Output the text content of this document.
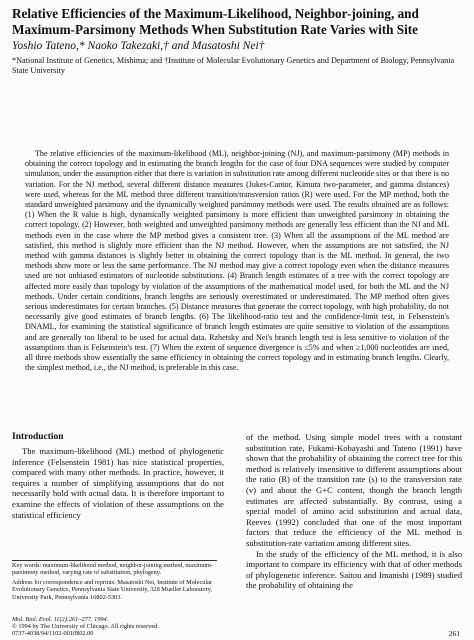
Relative Efficiencies of the Maximum-Likelihood, Neighbor-joining, and Maximum-Parsimony Methods When Substitution Rate Varies with Site
Yoshio Tateno,* Naoko Takezaki,† and Masatoshi Nei†
*National Institute of Genetics, Mishima; and †Institute of Molecular Evolutionary Genetics and Department of Biology, Pennsylvania State University
The relative efficiencies of the maximum-likelihood (ML), neighbor-joining (NJ), and maximum-parsimony (MP) methods in obtaining the correct topology and in estimating the branch lengths for the case of four DNA sequences were studied by computer simulation, under the assumption either that there is variation in substitution rate among different nucleotide sites or that there is no variation. For the NJ method, several different distance measures (Jukes-Cantor, Kimura two-parameter, and gamma distances) were used, whereas for the ML method three different transition/transversion ratios (R) were used. For the MP method, both the standard unweighted parsimony and the dynamically weighted parsimony methods were used. The results obtained are as follows: (1) When the R value is high, dynamically weighted parsimony is more efficient than unweighted parsimony in obtaining the correct topology. (2) However, both weighted and unweighted parsimony methods are generally less efficient than the NJ and ML methods even in the case where the MP method gives a consistent tree. (3) When all the assumptions of the ML method are satisfied, this method is slightly more efficient than the NJ method. However, when the assumptions are not satisfied, the NJ method with gamma distances is slightly better in obtaining the correct topology than is the ML method. In general, the two methods show more or less the same performance. The NJ method may give a correct topology even when the distance measures used are not unbiased estimators of nucleotide substitutions. (4) Branch length estimates of a tree with the correct topology are affected more easily than topology by violation of the assumptions of the mathematical model used, for both the ML and the NJ methods. Under certain conditions, branch lengths are seriously overestimated or underestimated. The MP method often gives serious underestimates for certain branches. (5) Distance measures that generate the correct topology, with high probability, do not necessarily give good estimates of branch lengths. (6) The likelihood-ratio test and the confidence-limit test, in Felsenstein's DNAML, for examining the statistical significance of branch length estimates are quite sensitive to violation of the assumptions and are generally too liberal to be used for actual data. Rzhetsky and Nei's branch length test is less sensitive to violation of the assumptions than is Felsenstein's test. (7) When the extent of sequence divergence is ≤5% and when ≥1,000 nucleotides are used, all three methods show essentially the same efficiency in obtaining the correct topology and in estimating branch lengths. Clearly, the simplest method, i.e., the NJ method, is preferable in this case.
Introduction

The maximum-likelihood (ML) method of phylogenetic inference (Felsenstein 1981) has nice statistical properties, compared with many other methods. In practice, however, it requires a number of simplifying assumptions that do not necessarily hold with actual data. It is therefore important to examine the effects of violation of these assumptions on the statistical efficiency

of the method. Using simple model trees with a constant substitution rate, Fukami-Kobayashi and Tateno (1991) have shown that the probability of obtaining the correct tree for this method is relatively insensitive to different assumptions about the ratio (R) of the transition rate (s) to the transversion rate (v) and about the G+C content, though the branch length estimates are affected substantially. By contrast, using a special model of amino acid substitution and actual data, Reeves (1992) concluded that one of the most important factors that reduce the efficiency of the ML method is substitution-rate variation among different sites.

In the study of the efficiency of the ML method, it is also important to compare its efficiency with that of other methods of phylogenetic inference. Saitou and Imanishi (1989) studied the probability of obtaining the

Key words: maximum-likelihood method, neighbor-joining method, maximum-parsimony method, varying rate of substitution, phylogeny.

Address for correspondence and reprints: Masatoshi Nei, Institute of Molecular Evolutionary Genetics, Pennsylvania State University, 328 Mueller Laboratory, University Park, Pennsylvania 16802-5303.

Mol. Biol. Evol. 11(2):261–277. 1994.
© 1994 by The University of Chicago. All rights reserved.
0737-4038/94/1102-0010$02.00	261
